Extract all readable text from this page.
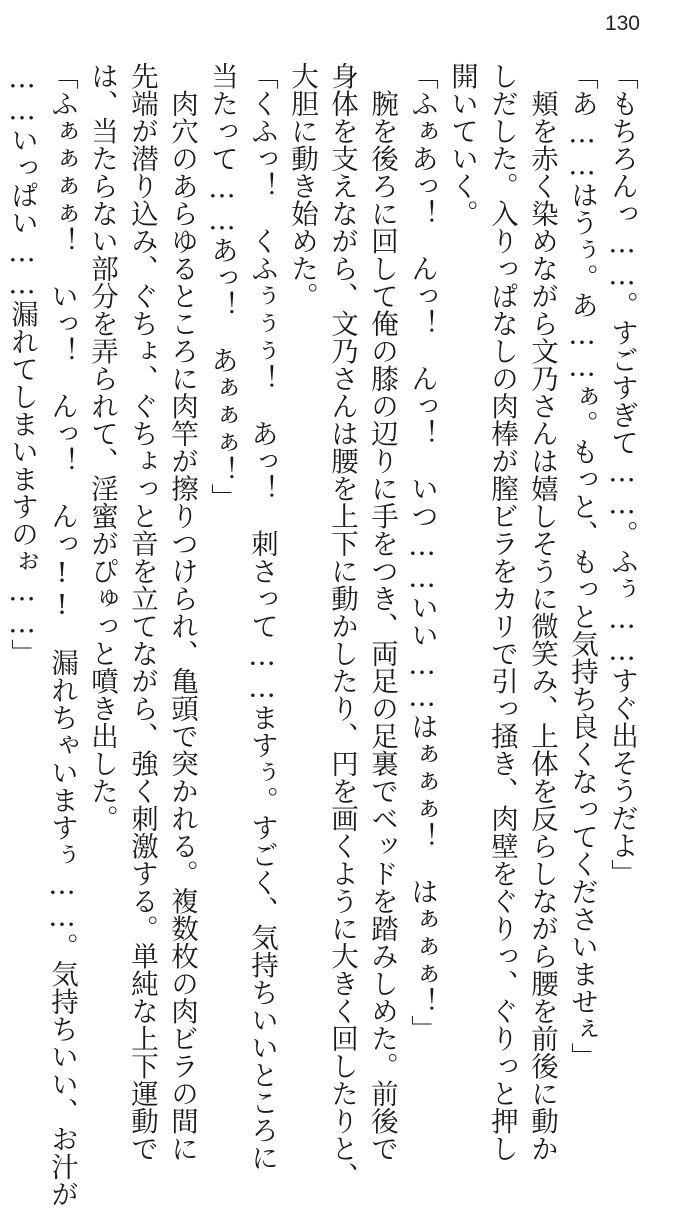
130

「もちろんっ……。すごすぎて……。ふぅ……すぐ出そうだよ」

「あ……はうぅ。あ……ぁ。もっと、もっと気持ち良くなってくださいませぇ」

　頬を赤く染めながら文乃さんは嬉しそうに微笑み、上体を反らしながら腰を前後に動か

しだした。入りっぱなしの肉棒が膣ビラをカリで引っ掻き、肉壁をぐりっ、ぐりっと押し

開いていく。

「ふぁあっ！　んっ！　んっ！　いつ……いい……はぁぁぁ！　はぁぁぁ！」

　腕を後ろに回して俺の膝の辺りに手をつき、両足の足裏でベッドを踏みしめた。前後で

身体を支えながら、文乃さんは腰を上下に動かしたり、円を画くように大きく回したりと、

大胆に動き始めた。

「くふっ！　くふぅぅぅ！　あっ！　刺さって……ますぅ。すごく、気持ちいいところに

当たって……あっ！　あぁぁぁ！」

　肉穴のあらゆるところに肉竿が擦りつけられ、亀頭で突かれる。複数枚の肉ビラの間に

先端が潜り込み、ぐちょ、ぐちょっと音を立てながら、強く刺激する。単純な上下運動で

は、当たらない部分を弄られて、淫蜜がぴゅっと噴き出した。

「ふぁぁぁぁ！　いっ！　んっ！　んっ!!　漏れちゃいますぅ……。気持ちいい、お汁が

……いっぱい……漏れてしまいますのぉ……」
